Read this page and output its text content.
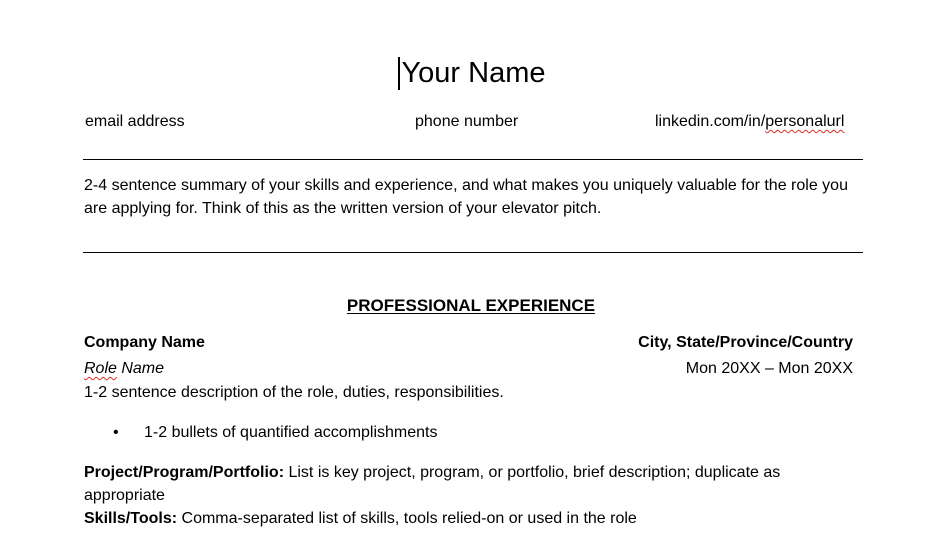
Your Name
email address	phone number	linkedin.com/in/personalurl
2-4 sentence summary of your skills and experience, and what makes you uniquely valuable for the role you are applying for. Think of this as the written version of your elevator pitch.
PROFESSIONAL EXPERIENCE
Company Name	City, State/Province/Country
Role Name	Mon 20XX – Mon 20XX
1-2 sentence description of the role, duties, responsibilities.
• 1-2 bullets of quantified accomplishments
Project/Program/Portfolio: List is key project, program, or portfolio, brief description; duplicate as appropriate
Skills/Tools: Comma-separated list of skills, tools relied-on or used in the role
